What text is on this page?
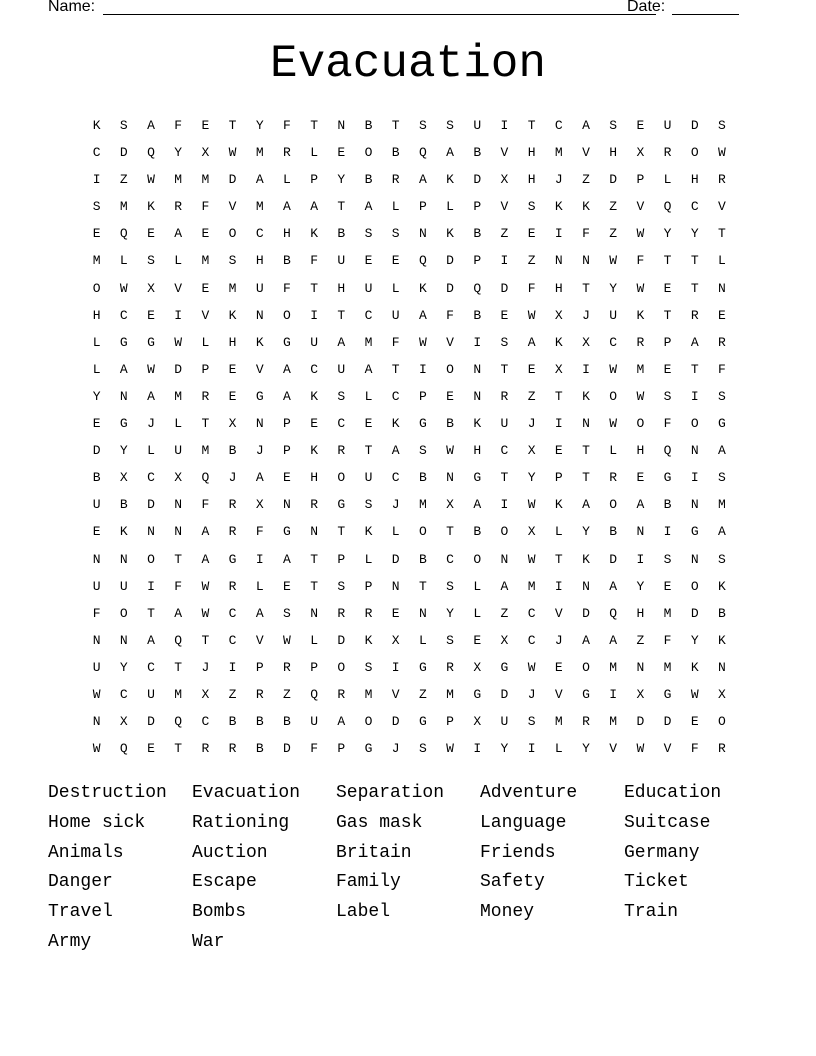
Name:	Date:
Evacuation
K	S	A	F	E	T	Y	F	T	N	B	T	S	S	U	I	T	C	A	S	E	U	D	S
C	D	Q	Y	X	W	M	R	L	E	O	B	Q	A	B	V	H	M	V	H	X	R	O	W
I	Z	W	M	M	D	A	L	P	Y	B	R	A	K	D	X	H	J	Z	D	P	L	H	R
S	M	K	R	F	V	M	A	A	T	A	L	P	L	P	V	S	K	K	Z	V	Q	C	V
E	Q	E	A	E	O	C	H	K	B	S	S	N	K	B	Z	E	I	F	Z	W	Y	Y	T
M	L	S	L	M	S	H	B	F	U	E	E	Q	D	P	I	Z	N	N	W	F	T	T	L
O	W	X	V	E	M	U	F	T	H	U	L	K	D	Q	D	F	H	T	Y	W	E	T	N
H	C	E	I	V	K	N	O	I	T	C	U	A	F	B	E	W	X	J	U	K	T	R	E
L	G	G	W	L	H	K	G	U	A	M	F	W	V	I	S	A	K	X	C	R	P	A	R
L	A	W	D	P	E	V	A	C	U	A	T	I	O	N	T	E	X	I	W	M	E	T	F
Y	N	A	M	R	E	G	A	K	S	L	C	P	E	N	R	Z	T	K	O	W	S	I	S
E	G	J	L	T	X	N	P	E	C	E	K	G	B	K	U	J	I	N	W	O	F	O	G
D	Y	L	U	M	B	J	P	K	R	T	A	S	W	H	C	X	E	T	L	H	Q	N	A
B	X	C	X	Q	J	A	E	H	O	U	C	B	N	G	T	Y	P	T	R	E	G	I	S
U	B	D	N	F	R	X	N	R	G	S	J	M	X	A	I	W	K	A	O	A	B	N	M
E	K	N	N	A	R	F	G	N	T	K	L	O	T	B	O	X	L	Y	B	N	I	G	A
N	N	O	T	A	G	I	A	T	P	L	D	B	C	O	N	W	T	K	D	I	S	N	S
U	U	I	F	W	R	L	E	T	S	P	N	T	S	L	A	M	I	N	A	Y	E	O	K
F	O	T	A	W	C	A	S	N	R	R	E	N	Y	L	Z	C	V	D	Q	H	M	D	B
N	N	A	Q	T	C	V	W	L	D	K	X	L	S	E	X	C	J	A	A	Z	F	Y	K
U	Y	C	T	J	I	P	R	P	O	S	I	G	R	X	G	W	E	O	M	N	M	K	N
W	C	U	M	X	Z	R	Z	Q	R	M	V	Z	M	G	D	J	V	G	I	X	G	W	X
N	X	D	Q	C	B	B	B	U	A	O	D	G	P	X	U	S	M	R	M	D	D	E	O
W	Q	E	T	R	R	B	D	F	P	G	J	S	W	I	Y	I	L	Y	V	W	V	F	R
Destruction	Evacuation	Separation	Adventure	Education
Home sick	Rationing	Gas mask	Language	Suitcase
Animals	Auction	Britain	Friends	Germany
Danger	Escape	Family	Safety	Ticket
Travel	Bombs	Label	Money	Train
Army	War
